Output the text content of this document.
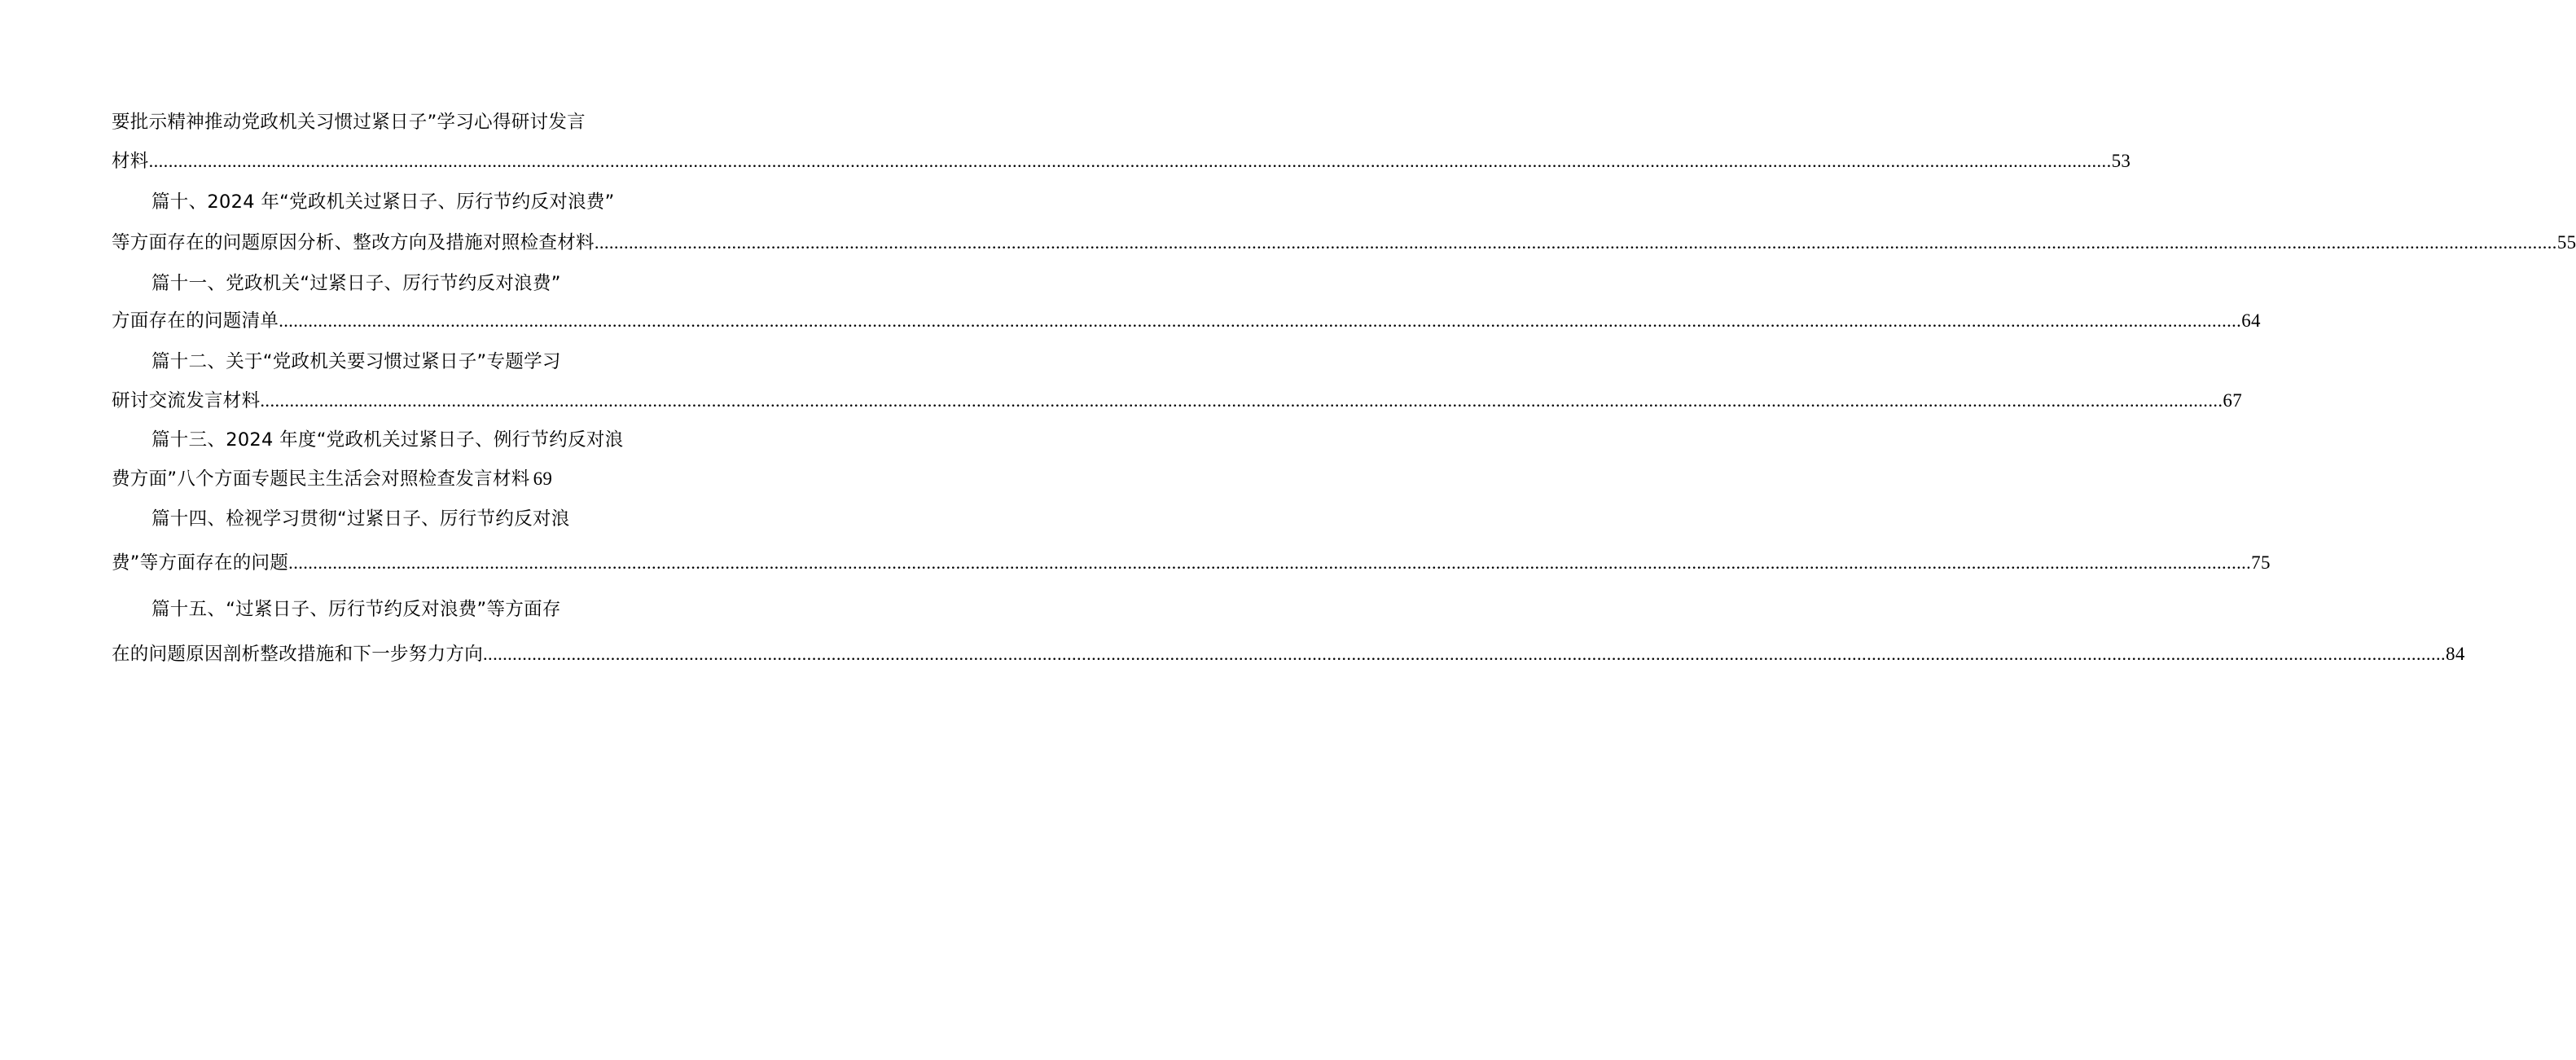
要批示精神推动党政机关习惯过紧日子”学习心得研讨发言
材料 ................................................................................................................................................................................................................................................................................................................................................................................................................ 53
篇十、2024 年“党政机关过紧日子、厉行节约反对浪费”
等方面存在的问题原因分析、整改方向及措施对照检查材料 ................................................................................................................................................................................................................................................................................................................................................................................................................ 55
篇十一、党政机关“过紧日子、厉行节约反对浪费”
方面存在的问题清单 ................................................................................................................................................................................................................................................................................................................................................................................................................ 64
篇十二、关于“党政机关要习惯过紧日子”专题学习
研讨交流发言材料 ................................................................................................................................................................................................................................................................................................................................................................................................................ 67
篇十三、2024 年度“党政机关过紧日子、例行节约反对浪
费方面”八个方面专题民主生活会对照检查发言材料 69
篇十四、检视学习贯彻“过紧日子、厉行节约反对浪
费”等方面存在的问题 ................................................................................................................................................................................................................................................................................................................................................................................................................ 75
篇十五、“过紧日子、厉行节约反对浪费”等方面存
在的问题原因剖析整改措施和下一步努力方向 ................................................................................................................................................................................................................................................................................................................................................................................................................ 84
